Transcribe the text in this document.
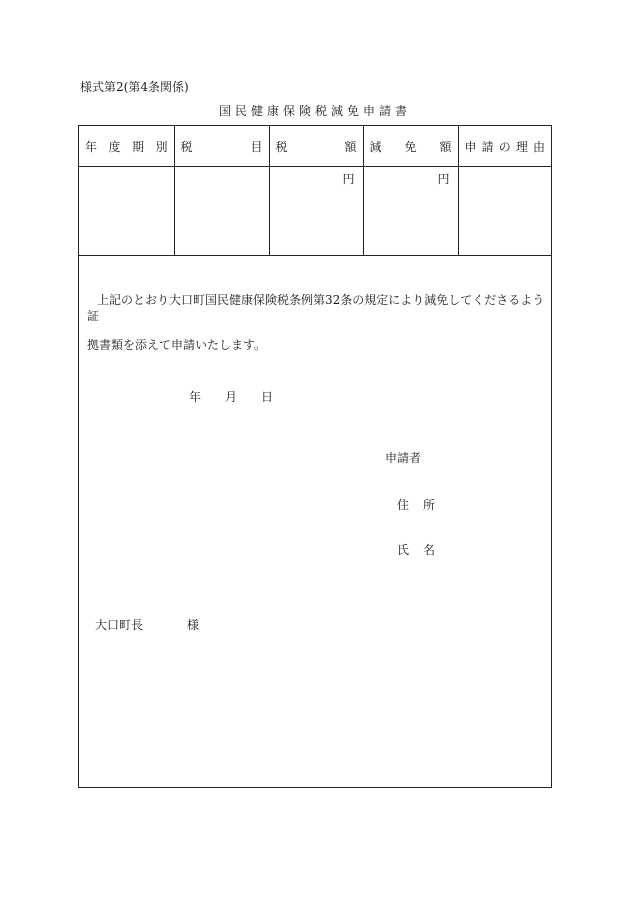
様式第2(第4条関係)
国民健康保険税減免申請書
年 度 期 別	税 目	税 額	減 免 額	申 請 の 理 由

		円	円	

上記のとおり大口町国民健康保険税条例第32条の規定により減免してくださるよう証
拠書類を添えて申請いたします。
年 月 日
申請者
住 所
氏 名
大口町長	様
